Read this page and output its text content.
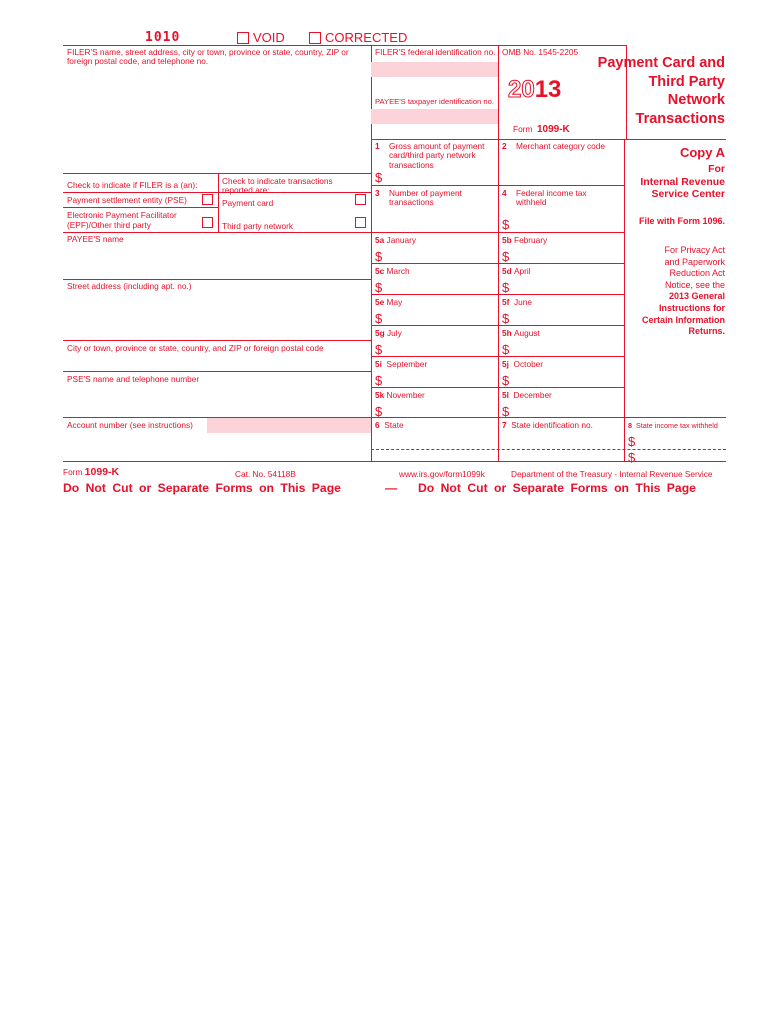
1010	VOID	CORRECTED
FILER'S name, street address, city or town, province or state, country, ZIP or foreign postal code, and telephone no.
FILER'S federal identification no.
PAYEE'S taxpayer identification no.
Check to indicate if FILER is a (an):
Payment settlement entity (PSE)
Electronic Payment Facilitator
(EPF)/Other third party
Check to indicate transactions reported are:
Payment card
Third party network
PAYEE'S name
Street address (including apt. no.)
City or town, province or state, country, and ZIP or foreign postal code
PSE'S name and telephone number
Account number (see instructions)
OMB No. 1545-2205
2013
Form 1099-K
Payment Card and
Third Party
Network
Transactions
Copy A
For
Internal Revenue
Service Center
File with Form 1096.
For Privacy Act
and Paperwork
Reduction Act
Notice, see the
2013 General
Instructions for
Certain Information
Returns.
1 Gross amount of payment card/third party network transactions
$
2 Merchant category code
3 Number of payment transactions
4 Federal income tax withheld
$
5a January
$
5b February
$
5c March
$
5d April
$
5e May
$
5f June
$
5g July
$
5h August
$
5i September
$
5j October
$
5k November
$
5l December
$
6 State	7 State identification no.	8 State income tax withheld
$
$
Form 1099-K	Cat. No. 54118B	www.irs.gov/form1099k	Department of the Treasury - Internal Revenue Service
Do Not Cut or Separate Forms on This Page	— Do Not Cut or Separate Forms on This Page
